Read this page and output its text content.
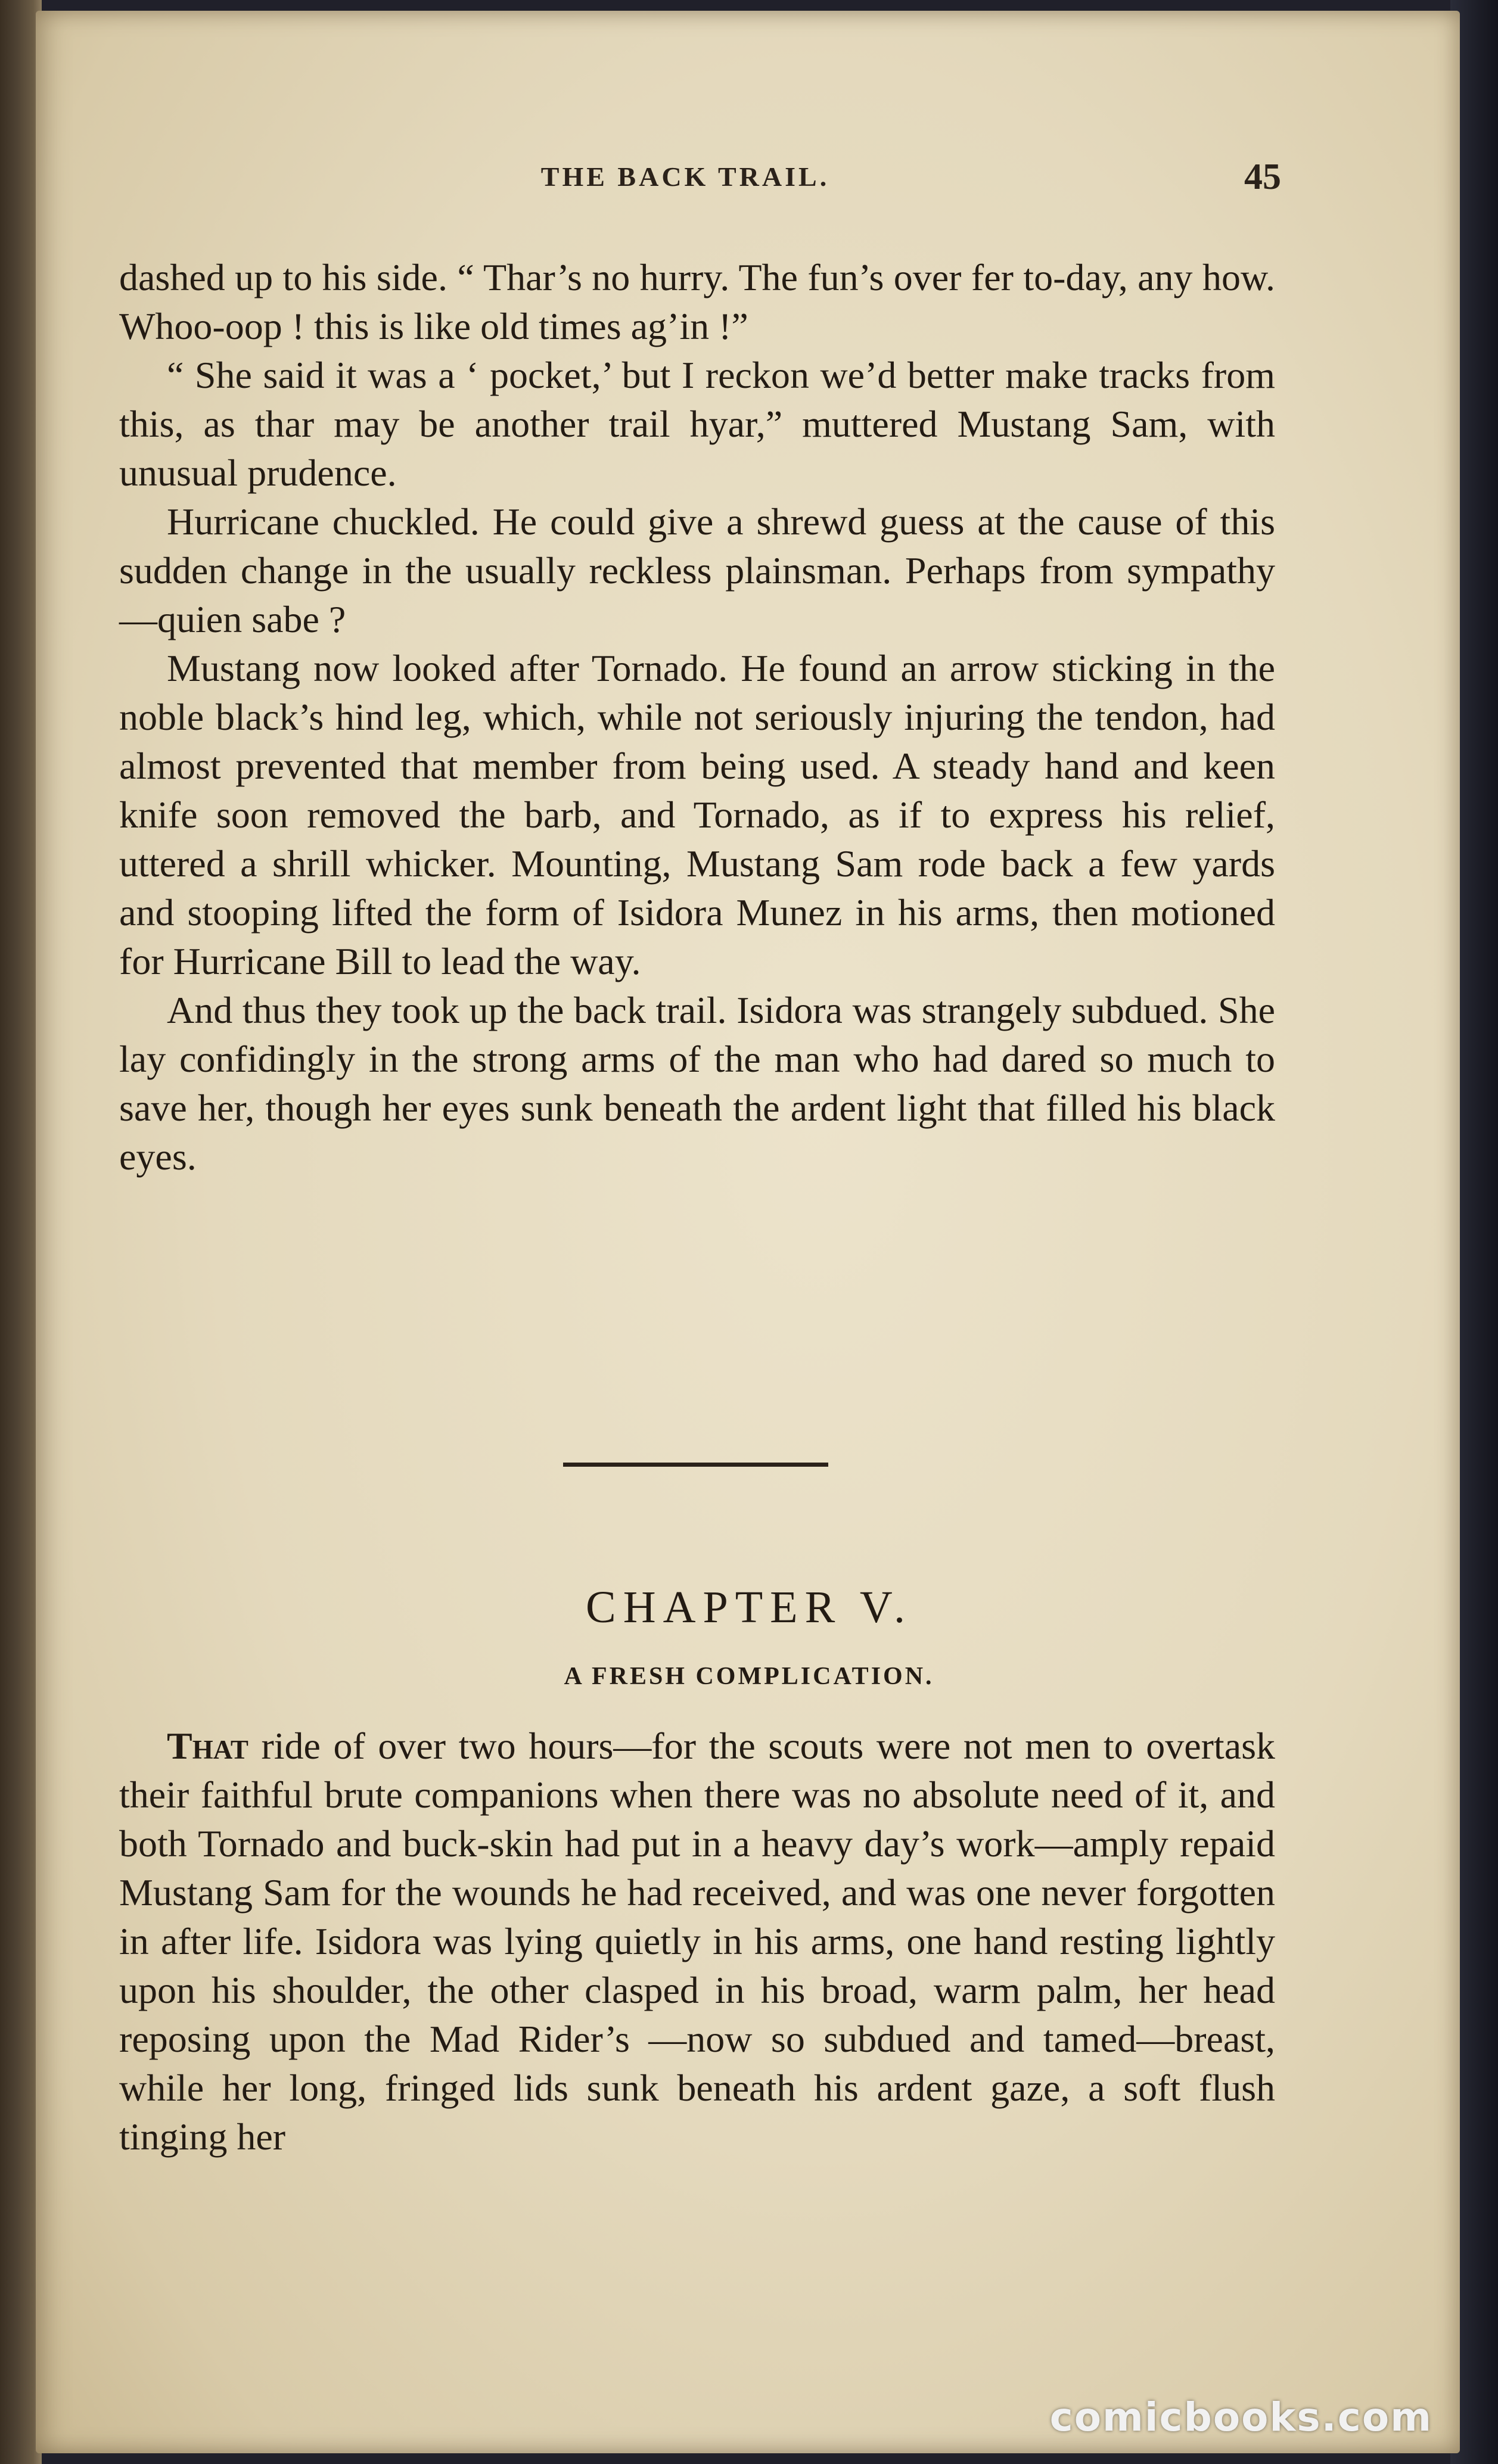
THE BACK TRAIL.	45

dashed up to his side. “ Thar’s no hurry. The fun’s over fer to-day, any how. Whoo-oop ! this is like old times ag’in !”

“ She said it was a ‘ pocket,’ but I reckon we’d better make tracks from this, as thar may be another trail hyar,” muttered Mustang Sam, with unusual prudence.

Hurricane chuckled. He could give a shrewd guess at the cause of this sudden change in the usually reckless plainsman. Perhaps from sympathy—quien sabe ?

Mustang now looked after Tornado. He found an arrow sticking in the noble black’s hind leg, which, while not seriously injuring the tendon, had almost prevented that member from being used. A steady hand and keen knife soon removed the barb, and Tornado, as if to express his relief, uttered a shrill whicker. Mounting, Mustang Sam rode back a few yards and stooping lifted the form of Isidora Munez in his arms, then motioned for Hurricane Bill to lead the way.

And thus they took up the back trail. Isidora was strangely subdued. She lay confidingly in the strong arms of the man who had dared so much to save her, though her eyes sunk beneath the ardent light that filled his black eyes.

CHAPTER V.
A FRESH COMPLICATION.

That ride of over two hours—for the scouts were not men to overtask their faithful brute companions when there was no absolute need of it, and both Tornado and buck-skin had put in a heavy day’s work—amply repaid Mustang Sam for the wounds he had received, and was one never forgotten in after life. Isidora was lying quietly in his arms, one hand resting lightly upon his shoulder, the other clasped in his broad, warm palm, her head reposing upon the Mad Rider’s —now so subdued and tamed—breast, while her long, fringed lids sunk beneath his ardent gaze, a soft flush tinging her

comicbooks.com
